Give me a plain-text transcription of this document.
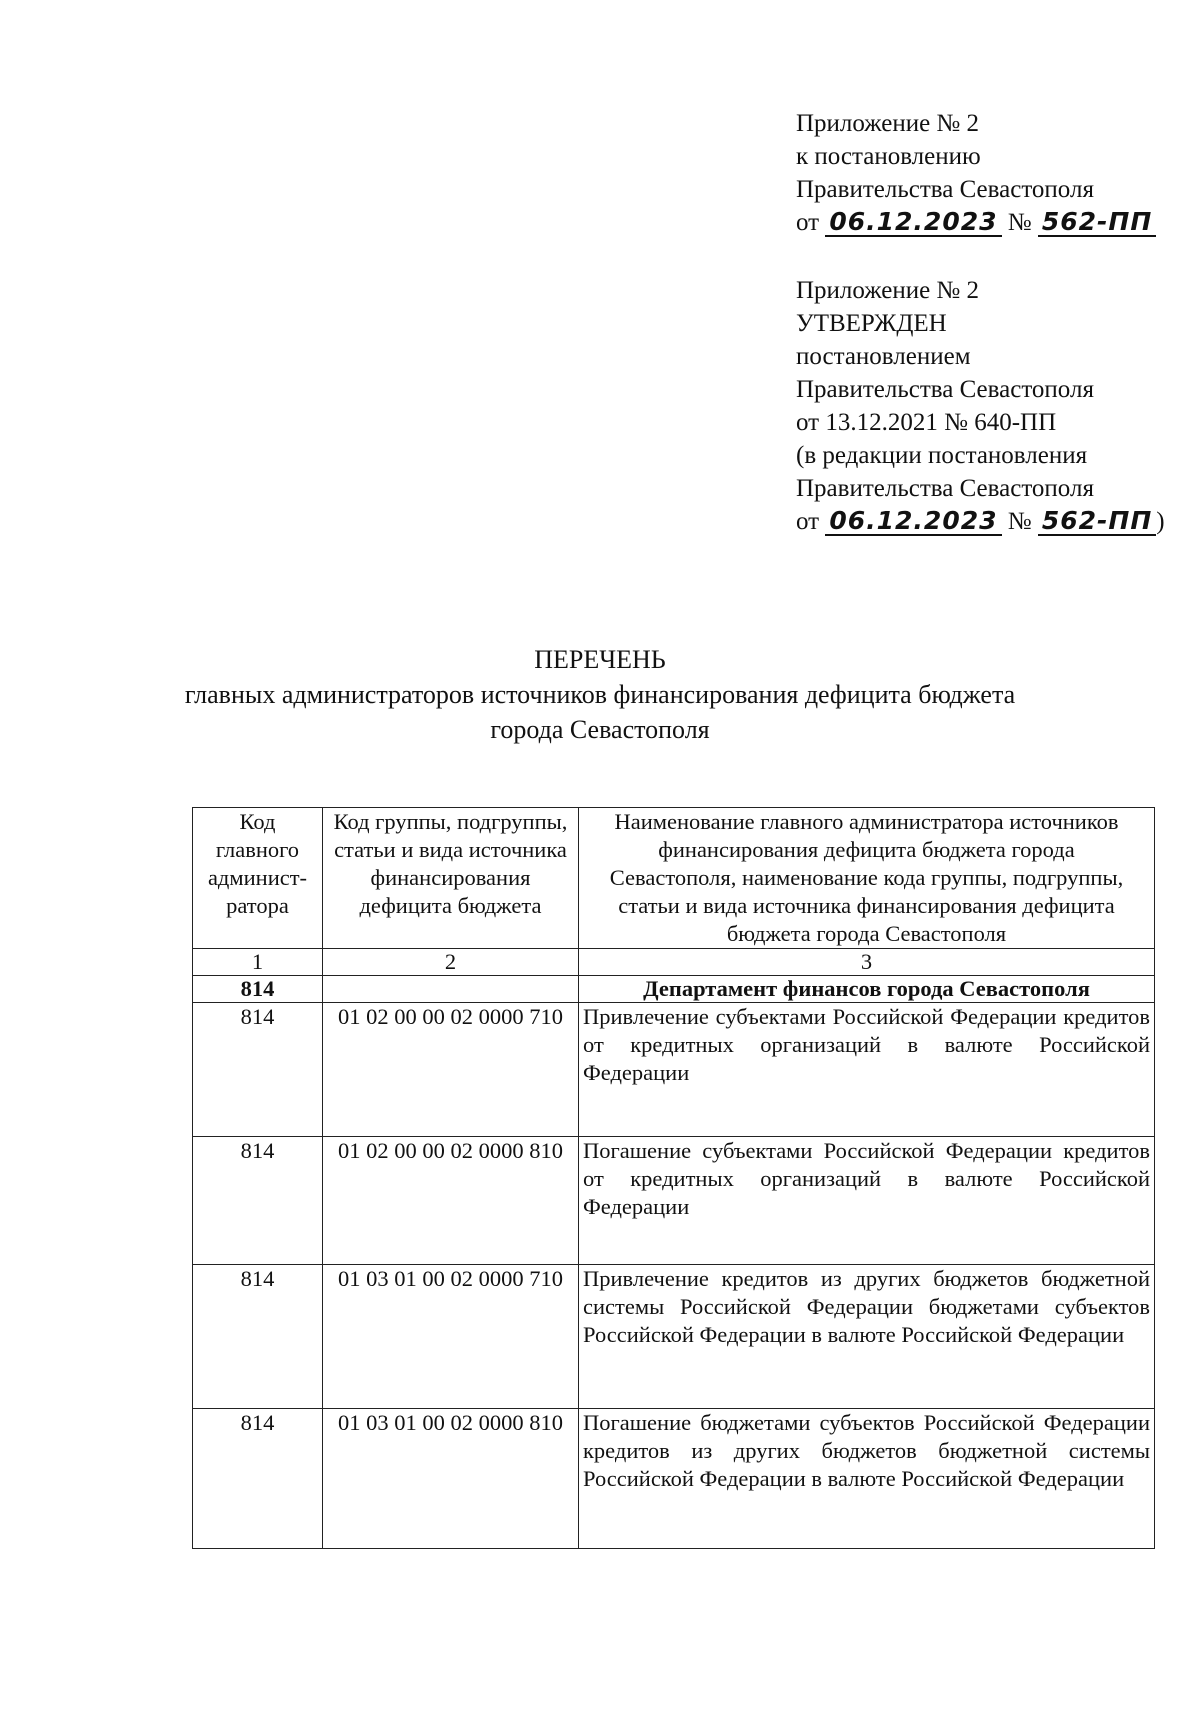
Приложение № 2
к постановлению
Правительства Севастополя
от 06.12.2023 № 562-ПП
Приложение № 2
УТВЕРЖДЕН
постановлением
Правительства Севастополя
от 13.12.2021 № 640-ПП
(в редакции постановления
Правительства Севастополя
от 06.12.2023 № 562-ПП )
ПЕРЕЧЕНЬ
главных администраторов источников финансирования дефицита бюджета
города Севастополя
Код главного админист-ратора	Код группы, подгруппы, статьи и вида источника финансирования дефицита бюджета	Наименование главного администратора источников финансирования дефицита бюджета города Севастополя, наименование кода группы, подгруппы, статьи и вида источника финансирования дефицита бюджета города Севастополя
1	2	3
814		Департамент финансов города Севастополя
814	01 02 00 00 02 0000 710	Привлечение субъектами Российской Федерации кредитов от кредитных организаций в валюте Российской Федерации
814	01 02 00 00 02 0000 810	Погашение субъектами Российской Федерации кредитов от кредитных организаций в валюте Российской Федерации
814	01 03 01 00 02 0000 710	Привлечение кредитов из других бюджетов бюджетной системы Российской Федерации бюджетами субъектов Российской Федерации в валюте Российской Федерации
814	01 03 01 00 02 0000 810	Погашение бюджетами субъектов Российской Федерации кредитов из других бюджетов бюджетной системы Российской Федерации в валюте Российской Федерации
